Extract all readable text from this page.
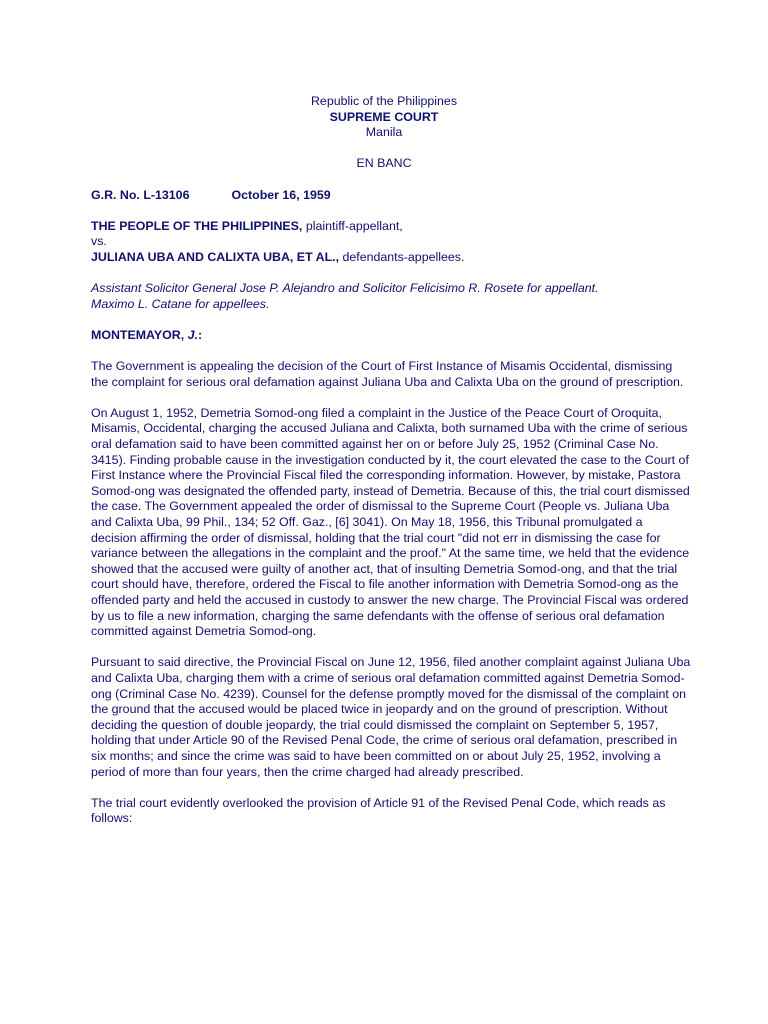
Republic of the Philippines
SUPREME COURT
Manila
EN BANC

G.R. No. L-13106	October 16, 1959

THE PEOPLE OF THE PHILIPPINES, plaintiff-appellant,
vs.
JULIANA UBA AND CALIXTA UBA, ET AL., defendants-appellees.

Assistant Solicitor General Jose P. Alejandro and Solicitor Felicisimo R. Rosete for appellant.
Maximo L. Catane for appellees.

MONTEMAYOR, J.:

The Government is appealing the decision of the Court of First Instance of Misamis Occidental, dismissing the complaint for serious oral defamation against Juliana Uba and Calixta Uba on the ground of prescription.

On August 1, 1952, Demetria Somod-ong filed a complaint in the Justice of the Peace Court of Oroquita, Misamis, Occidental, charging the accused Juliana and Calixta, both surnamed Uba with the crime of serious oral defamation said to have been committed against her on or before July 25, 1952 (Criminal Case No. 3415). Finding probable cause in the investigation conducted by it, the court elevated the case to the Court of First Instance where the Provincial Fiscal filed the corresponding information. However, by mistake, Pastora Somod-ong was designated the offended party, instead of Demetria. Because of this, the trial court dismissed the case. The Government appealed the order of dismissal to the Supreme Court (People vs. Juliana Uba and Calixta Uba, 99 Phil., 134; 52 Off. Gaz., [6] 3041). On May 18, 1956, this Tribunal promulgated a decision affirming the order of dismissal, holding that the trial court "did not err in dismissing the case for variance between the allegations in the complaint and the proof." At the same time, we held that the evidence showed that the accused were guilty of another act, that of insulting Demetria Somod-ong, and that the trial court should have, therefore, ordered the Fiscal to file another information with Demetria Somod-ong as the offended party and held the accused in custody to answer the new charge. The Provincial Fiscal was ordered by us to file a new information, charging the same defendants with the offense of serious oral defamation committed against Demetria Somod-ong.

Pursuant to said directive, the Provincial Fiscal on June 12, 1956, filed another complaint against Juliana Uba and Calixta Uba, charging them with a crime of serious oral defamation committed against Demetria Somod-ong (Criminal Case No. 4239). Counsel for the defense promptly moved for the dismissal of the complaint on the ground that the accused would be placed twice in jeopardy and on the ground of prescription. Without deciding the question of double jeopardy, the trial could dismissed the complaint on September 5, 1957, holding that under Article 90 of the Revised Penal Code, the crime of serious oral defamation, prescribed in six months; and since the crime was said to have been committed on or about July 25, 1952, involving a period of more than four years, then the crime charged had already prescribed.

The trial court evidently overlooked the provision of Article 91 of the Revised Penal Code, which reads as follows:
